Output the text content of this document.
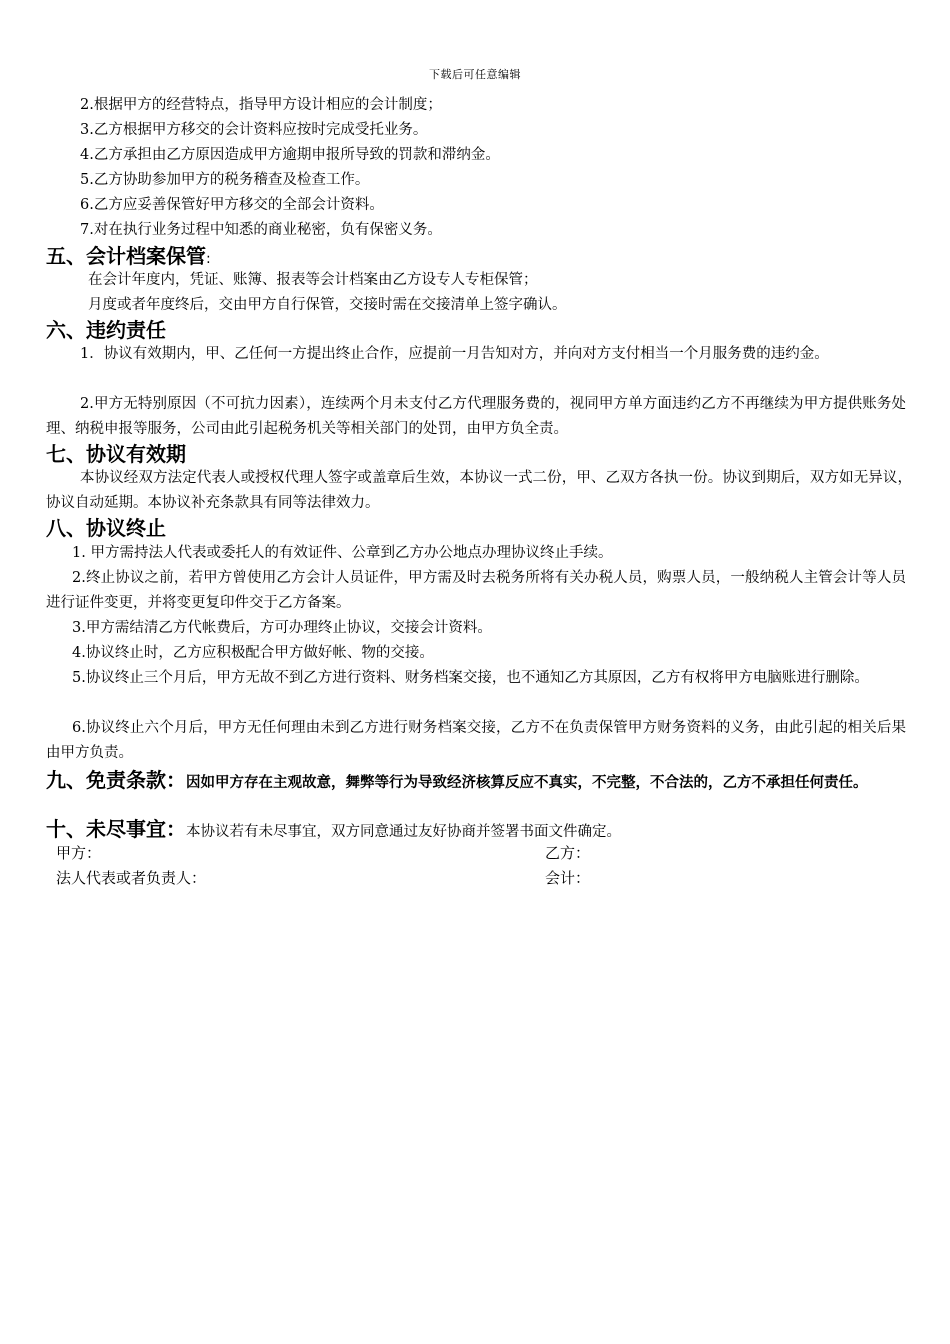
下载后可任意编辑
2.根据甲方的经营特点，指导甲方设计相应的会计制度；
3.乙方根据甲方移交的会计资料应按时完成受托业务。
4.乙方承担由乙方原因造成甲方逾期申报所导致的罚款和滞纳金。
5.乙方协助参加甲方的税务稽查及检查工作。
6.乙方应妥善保管好甲方移交的全部会计资料。
7.对在执行业务过程中知悉的商业秘密，负有保密义务。
五、会计档案保管:
在会计年度内，凭证、账簿、报表等会计档案由乙方设专人专柜保管；
月度或者年度终后，交由甲方自行保管，交接时需在交接清单上签字确认。
六、违约责任
1．协议有效期内，甲、乙任何一方提出终止合作，应提前一月告知对方，并向对方支付相当一个月服务费的违约金。
2.甲方无特别原因（不可抗力因素），连续两个月未支付乙方代理服务费的，视同甲方单方面违约乙方不再继续为甲方提供账务处理、纳税申报等服务，公司由此引起税务机关等相关部门的处罚，由甲方负全责。
七、协议有效期
本协议经双方法定代表人或授权代理人签字或盖章后生效，本协议一式二份，甲、乙双方各执一份。协议到期后，双方如无异议，协议自动延期。本协议补充条款具有同等法律效力。
八、协议终止
1. 甲方需持法人代表或委托人的有效证件、公章到乙方办公地点办理协议终止手续。
2.终止协议之前，若甲方曾使用乙方会计人员证件，甲方需及时去税务所将有关办税人员，购票人员，一般纳税人主管会计等人员进行证件变更，并将变更复印件交于乙方备案。
3.甲方需结清乙方代帐费后，方可办理终止协议，交接会计资料。
4.协议终止时，乙方应积极配合甲方做好帐、物的交接。
5.协议终止三个月后，甲方无故不到乙方进行资料、财务档案交接，也不通知乙方其原因，乙方有权将甲方电脑账进行删除。
6.协议终止六个月后，甲方无任何理由未到乙方进行财务档案交接，乙方不在负责保管甲方财务资料的义务，由此引起的相关后果由甲方负责。
九、免责条款：因如甲方存在主观故意，舞弊等行为导致经济核算反应不真实，不完整，不合法的，乙方不承担任何责任。
十、未尽事宜：本协议若有未尽事宜，双方同意通过友好协商并签署书面文件确定。
甲方：	乙方：
法人代表或者负责人：	会计：
